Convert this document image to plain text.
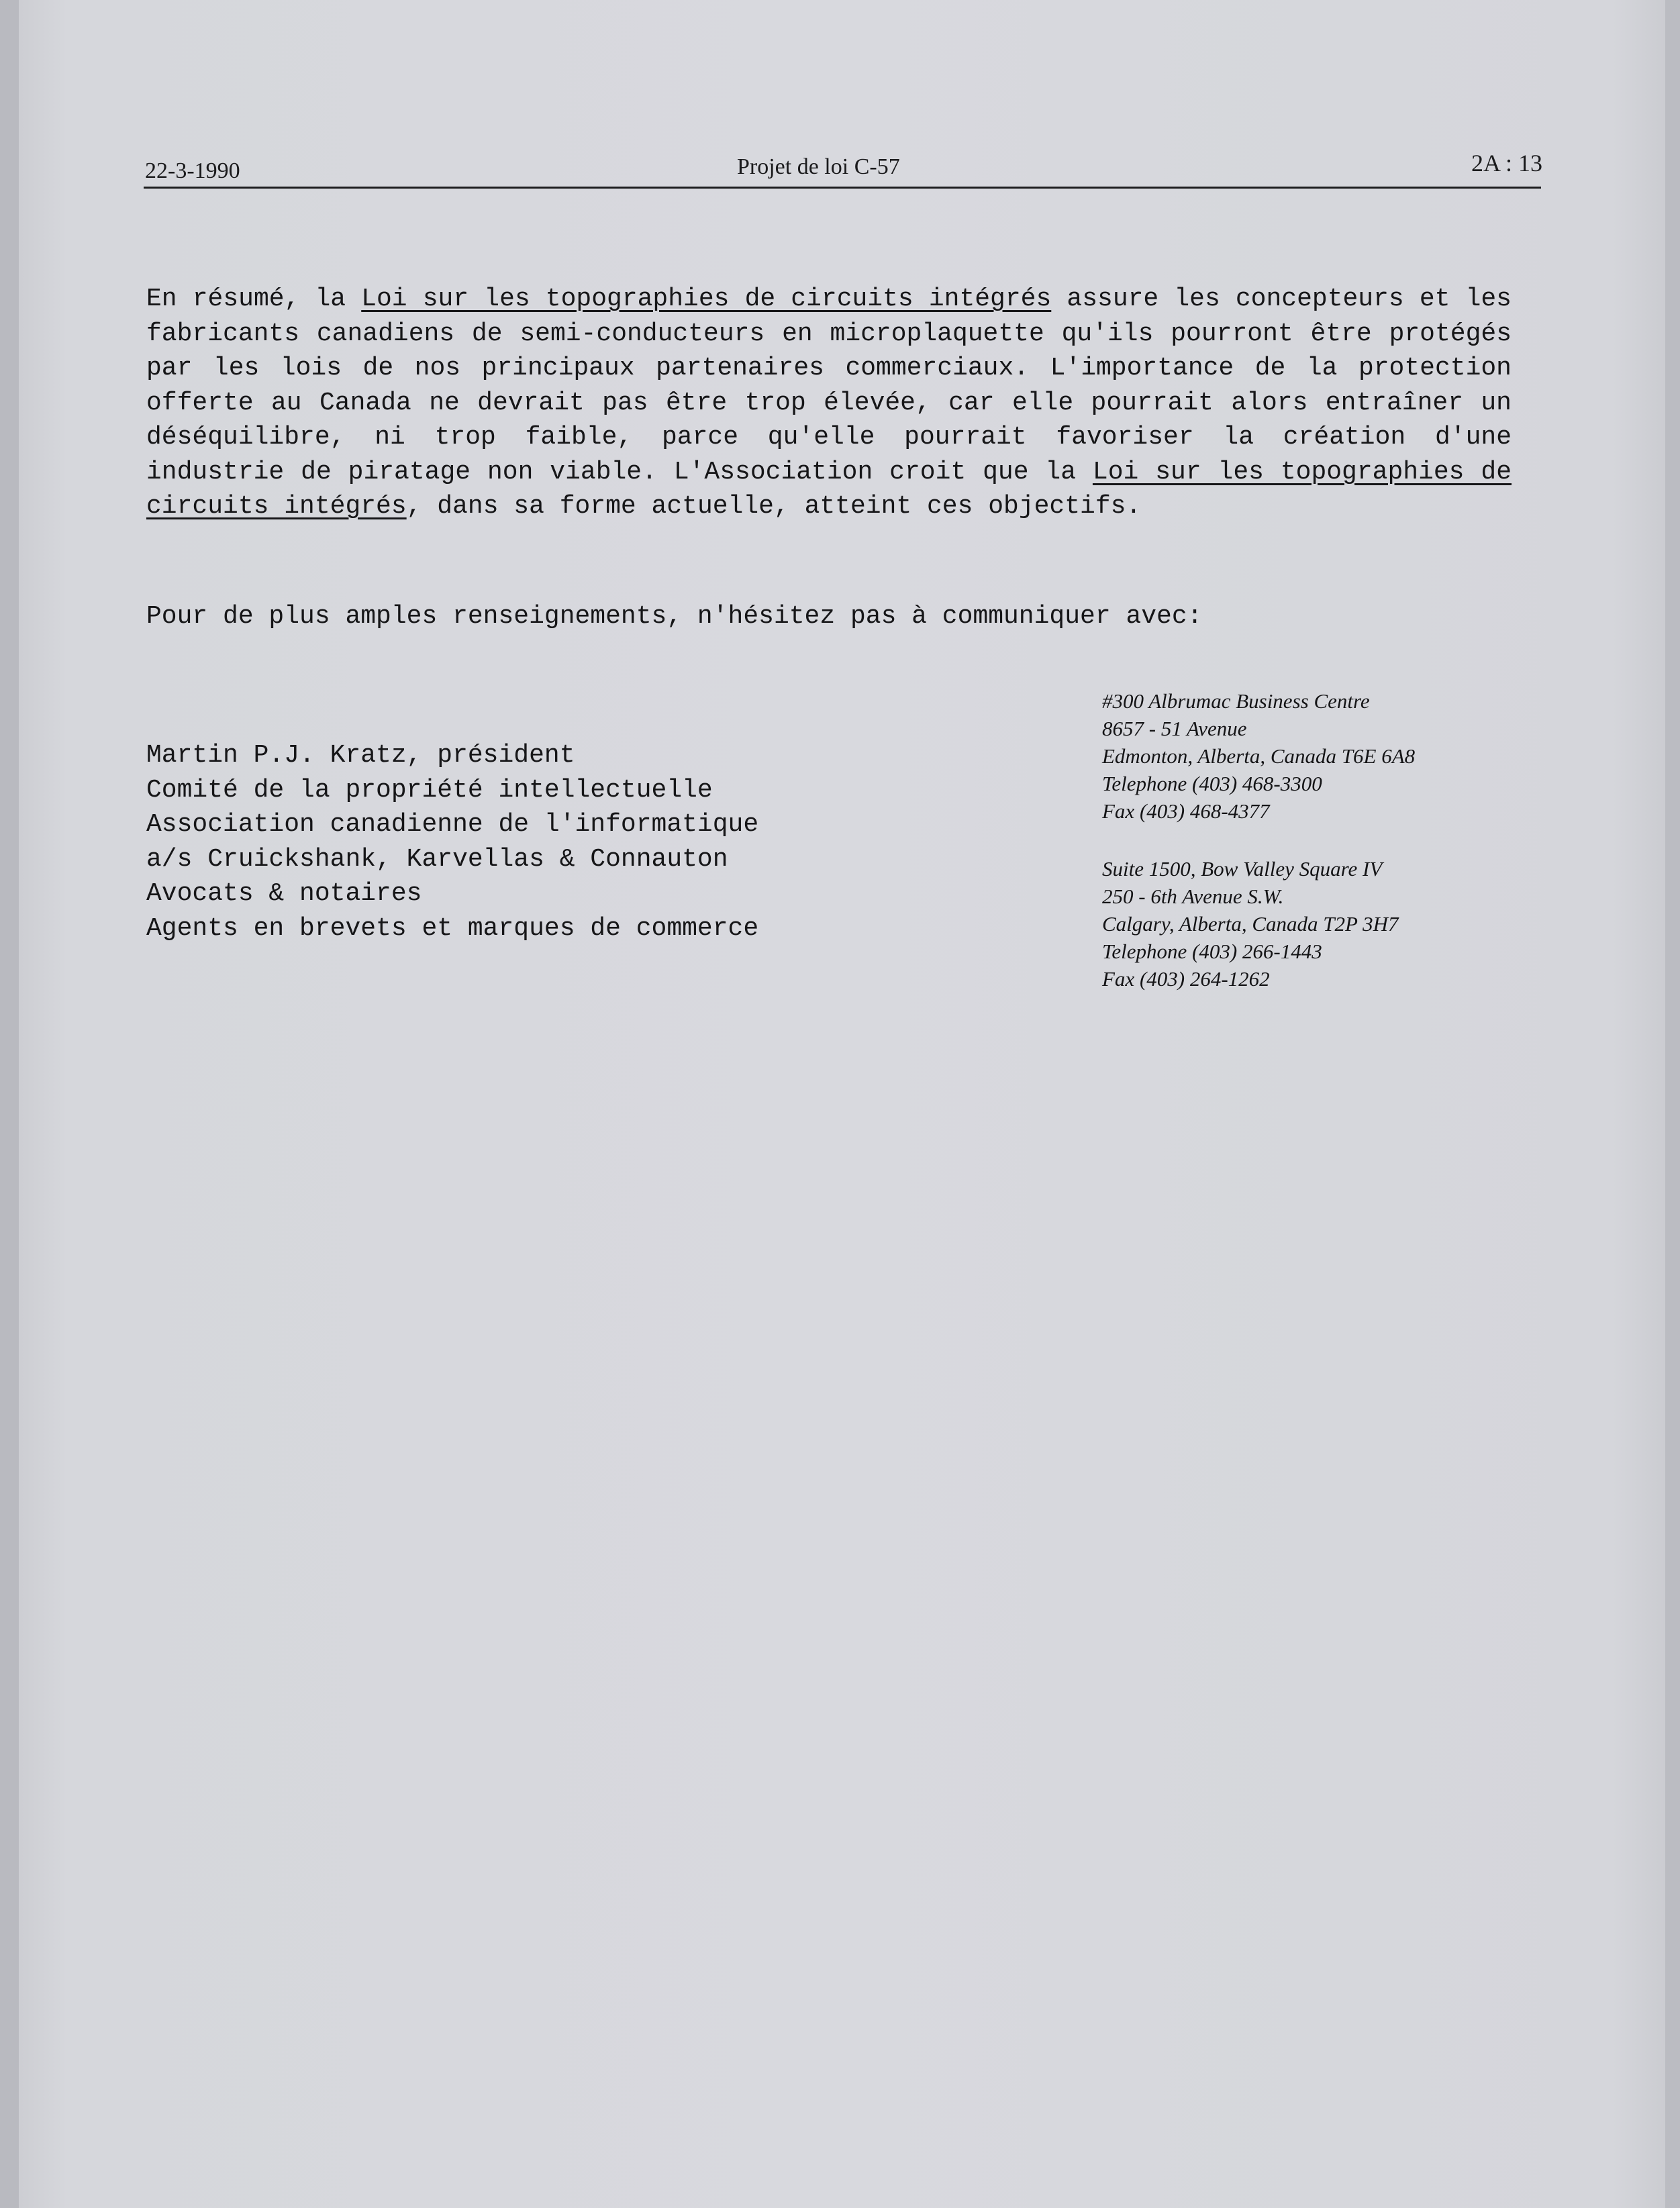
22-3-1990	Projet de loi C-57	2A : 13
En résumé, la Loi sur les topographies de circuits intégrés assure les concepteurs et les fabricants canadiens de semi-conducteurs en microplaquette qu'ils pourront être protégés par les lois de nos principaux partenaires commerciaux. L'importance de la protection offerte au Canada ne devrait pas être trop élevée, car elle pourrait alors entraîner un déséquilibre, ni trop faible, parce qu'elle pourrait favoriser la création d'une industrie de piratage non viable. L'Association croit que la Loi sur les topographies de circuits intégrés, dans sa forme actuelle, atteint ces objectifs.
Pour de plus amples renseignements, n'hésitez pas à communiquer avec:
Martin P.J. Kratz, président
Comité de la propriété intellectuelle
Association canadienne de l'informatique
a/s Cruickshank, Karvellas & Connauton
Avocats & notaires
Agents en brevets et marques de commerce
#300 Albrumac Business Centre
8657 - 51 Avenue
Edmonton, Alberta, Canada T6E 6A8
Telephone (403) 468-3300
Fax (403) 468-4377
Suite 1500, Bow Valley Square IV
250 - 6th Avenue S.W.
Calgary, Alberta, Canada T2P 3H7
Telephone (403) 266-1443
Fax (403) 264-1262
